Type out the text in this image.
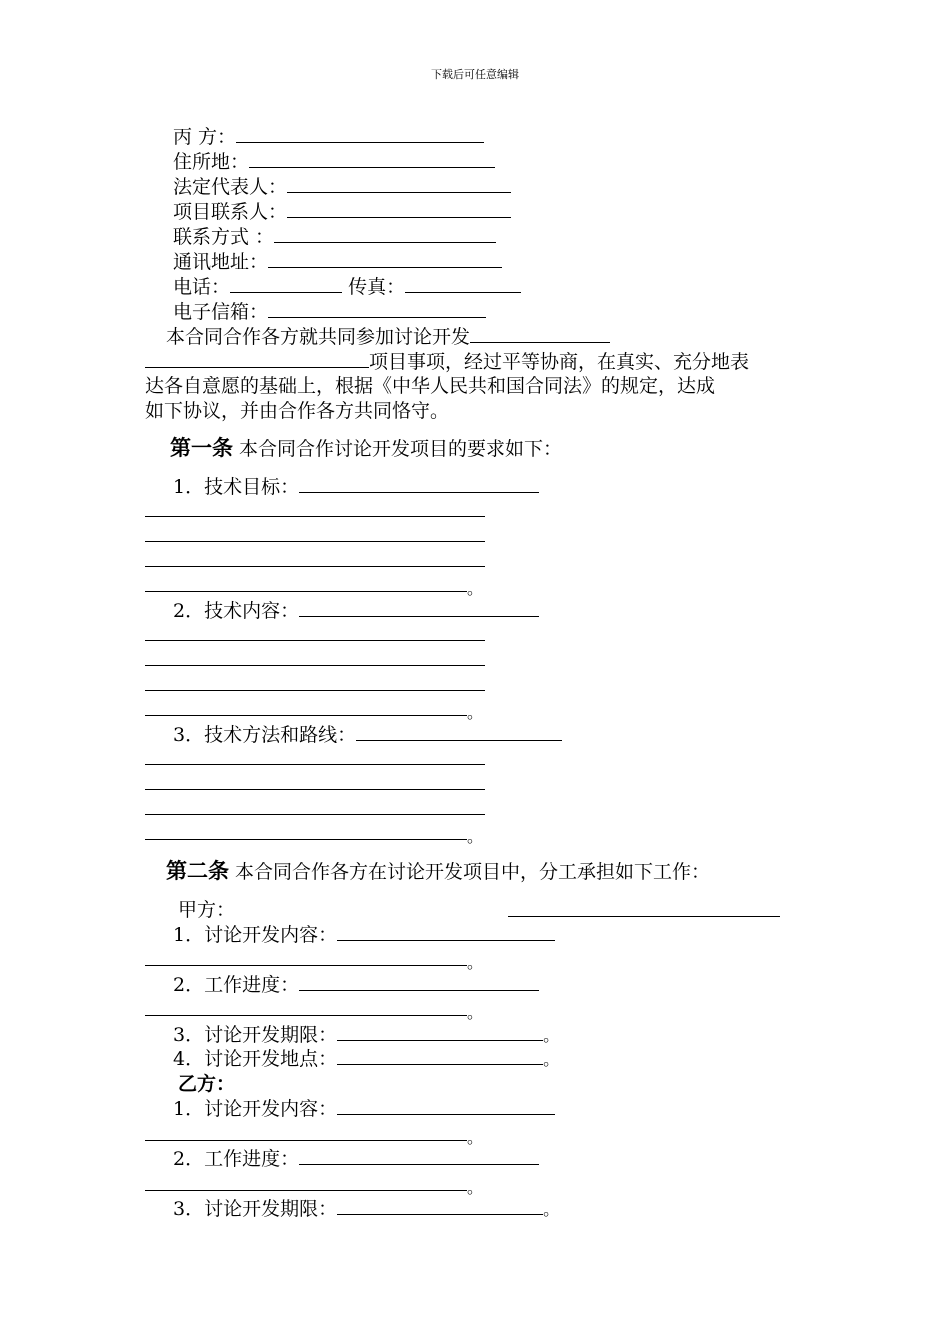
下载后可任意编辑
丙 方：
住所地：
法定代表人：
项目联系人：
联系方式 ：
通讯地址：
电话：	传真：
电子信箱：
本合同合作各方就共同参加讨论开发
项目事项，经过平等协商，在真实、充分地表
达各自意愿的基础上，根据《中华人民共和国合同法》的规定，达成
如下协议，并由合作各方共同恪守。
第一条 本合同合作讨论开发项目的要求如下：
1．技术目标：
。
2．技术内容：
。
3．技术方法和路线：
。
第二条 本合同合作各方在讨论开发项目中，分工承担如下工作：
甲方：
1．讨论开发内容：
。
2．工作进度：
。
3．讨论开发期限：	。
4．讨论开发地点：	。
乙方：
1．讨论开发内容：
。
2．工作进度：
。
3．讨论开发期限：	。
